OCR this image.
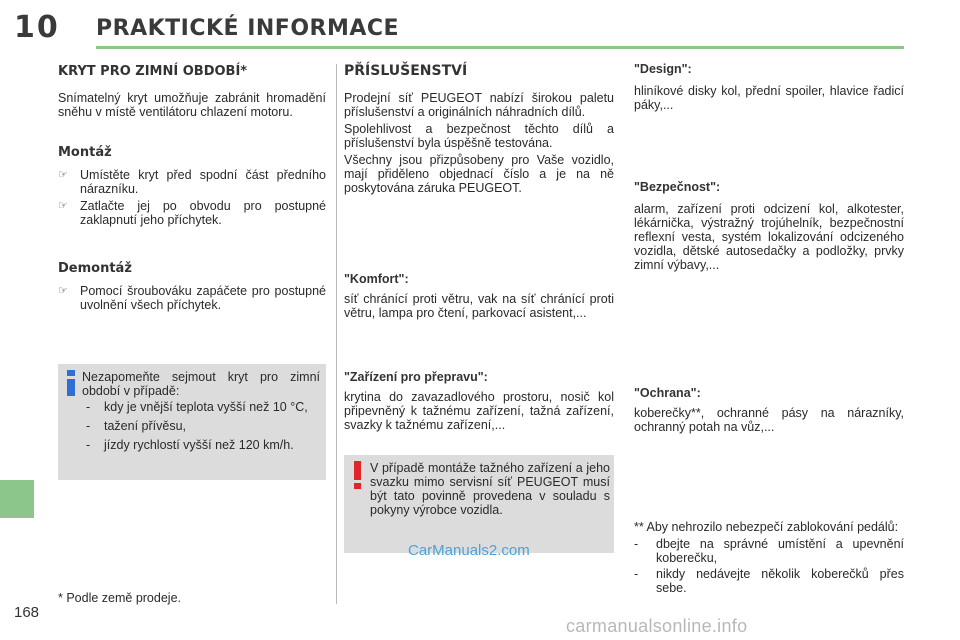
10 PRAKTICKÉ INFORMACE
168
KRYT PRO ZIMNÍ OBDOBÍ*

Snímatelný kryt umožňuje zabránit hromadění sněhu v místě ventilátoru chlazení motoru.

Montáž
☞ Umístěte kryt před spodní část předního nárazníku.
☞ Zatlačte jej po obvodu pro postupné zaklapnutí jeho příchytek.
Demontáž
☞ Pomocí šroubováku zapáčete pro postupné uvolnění všech příchytek.

Nezapomeňte sejmout kryt pro zimní období v případě:

- kdy je vnější teplota vyšší než 10 °C,
- tažení přívěsu,
- jízdy rychlostí vyšší než 120 km/h.
* Podle země prodeje.
PŘÍSLUŠENSTVÍ

Prodejní síť PEUGEOT nabízí širokou paletu příslušenství a originálních náhradních dílů.

Spolehlivost a bezpečnost těchto dílů a příslušenství byla úspěšně testována.

Všechny jsou přizpůsobeny pro Vaše vozidlo, mají přiděleno objednací číslo a je na ně poskytována záruka PEUGEOT.

"Komfort":

síť chránící proti větru, vak na síť chránící proti větru, lampa pro čtení, parkovací asistent,...

"Zařízení pro přepravu":

krytina do zavazadlového prostoru, nosič kol připevněný k tažnému zařízení, tažná zařízení, svazky k tažnému zařízení,...

V případě montáže tažného zařízení a jeho svazku mimo servisní síť PEUGEOT musí být tato povinně provedena v souladu s pokyny výrobce vozidla.

CarManuals2.com
"Design":

hliníkové disky kol, přední spoiler, hlavice řadicí páky,...

"Bezpečnost":

alarm, zařízení proti odcizení kol, alkotester, lékárnička, výstražný trojúhelník, bezpečnostní reflexní vesta, systém lokalizování odcizeného vozidla, dětské autosedačky a podložky, prvky zimní výbavy,...

"Ochrana":

koberečky**, ochranné pásy na nárazníky, ochranný potah na vůz,...

** Aby nehrozilo nebezpečí zablokování pedálů:

- dbejte na správné umístění a upevnění koberečku,
- nikdy nedávejte několik koberečků přes sebe.
carmanualsonline.info
